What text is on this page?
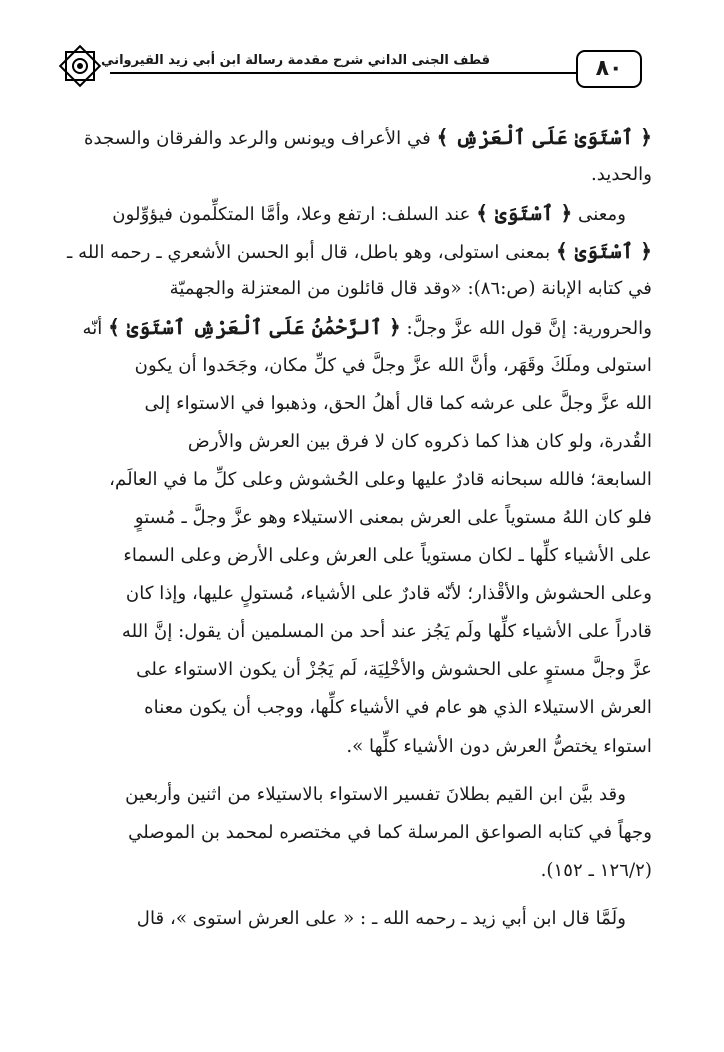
قطف الجنى الداني شرح مقدمة رسالة ابن أبي زيد القيرواني	٨٠
﴿ ٱسْتَوَىٰ عَلَى ٱلْعَرْشِ ﴾ في الأعراف ويونس والرعد والفرقان والسجدة
والحديد.
ومعنى ﴿ ٱسْتَوَىٰ ﴾ عند السلف: ارتفع وعلا، وأمَّا المتكلِّمون فيؤوِّلون
﴿ ٱسْتَوَىٰ ﴾ بمعنى استولى، وهو باطل، قال أبو الحسن الأشعري ـ رحمه الله ـ
في كتابه الإبانة (ص:٨٦): «وقد قال قائلون من المعتزلة والجهميّة
والحرورية: إنَّ قول الله عزَّ وجلَّ: ﴿ ٱلرَّحْمَٰنُ عَلَى ٱلْعَرْشِ ٱسْتَوَىٰ ﴾ أنّه
استولى وملَكَ وقَهَر، وأنَّ الله عزَّ وجلَّ في كلِّ مكان، وجَحَدوا أن يكون
الله عزَّ وجلَّ على عرشه كما قال أهلُ الحق، وذهبوا في الاستواء إلى
القُدرة، ولو كان هذا كما ذكروه كان لا فرق بين العرش والأرض
السابعة؛ فالله سبحانه قادرٌ عليها وعلى الحُشوش وعلى كلِّ ما في العالَم،
فلو كان اللهُ مستوياً على العرش بمعنى الاستيلاء وهو عزَّ وجلَّ ـ مُستوٍ
على الأشياء كلِّها ـ لكان مستوياً على العرش وعلى الأرض وعلى السماء
وعلى الحشوش والأقْذار؛ لأنّه قادرٌ على الأشياء، مُستولٍ عليها، وإذا كان
قادراً على الأشياء كلِّها ولَم يَجُز عند أحد من المسلمين أن يقول: إنَّ الله
عزَّ وجلَّ مستوٍ على الحشوش والأخْلِيَة، لَم يَجُزْ أن يكون الاستواء على
العرش الاستيلاء الذي هو عام في الأشياء كلِّها، ووجب أن يكون معناه
استواء يختصُّ العرش دون الأشياء كلِّها ».
وقد بيَّن ابن القيم بطلانَ تفسير الاستواء بالاستيلاء من اثنين وأربعين
وجهاً في كتابه الصواعق المرسلة كما في مختصره لمحمد بن الموصلي
(١٢٦/٢ ـ ١٥٢).
ولَمَّا قال ابن أبي زيد ـ رحمه الله ـ : « على العرش استوى »، قال
